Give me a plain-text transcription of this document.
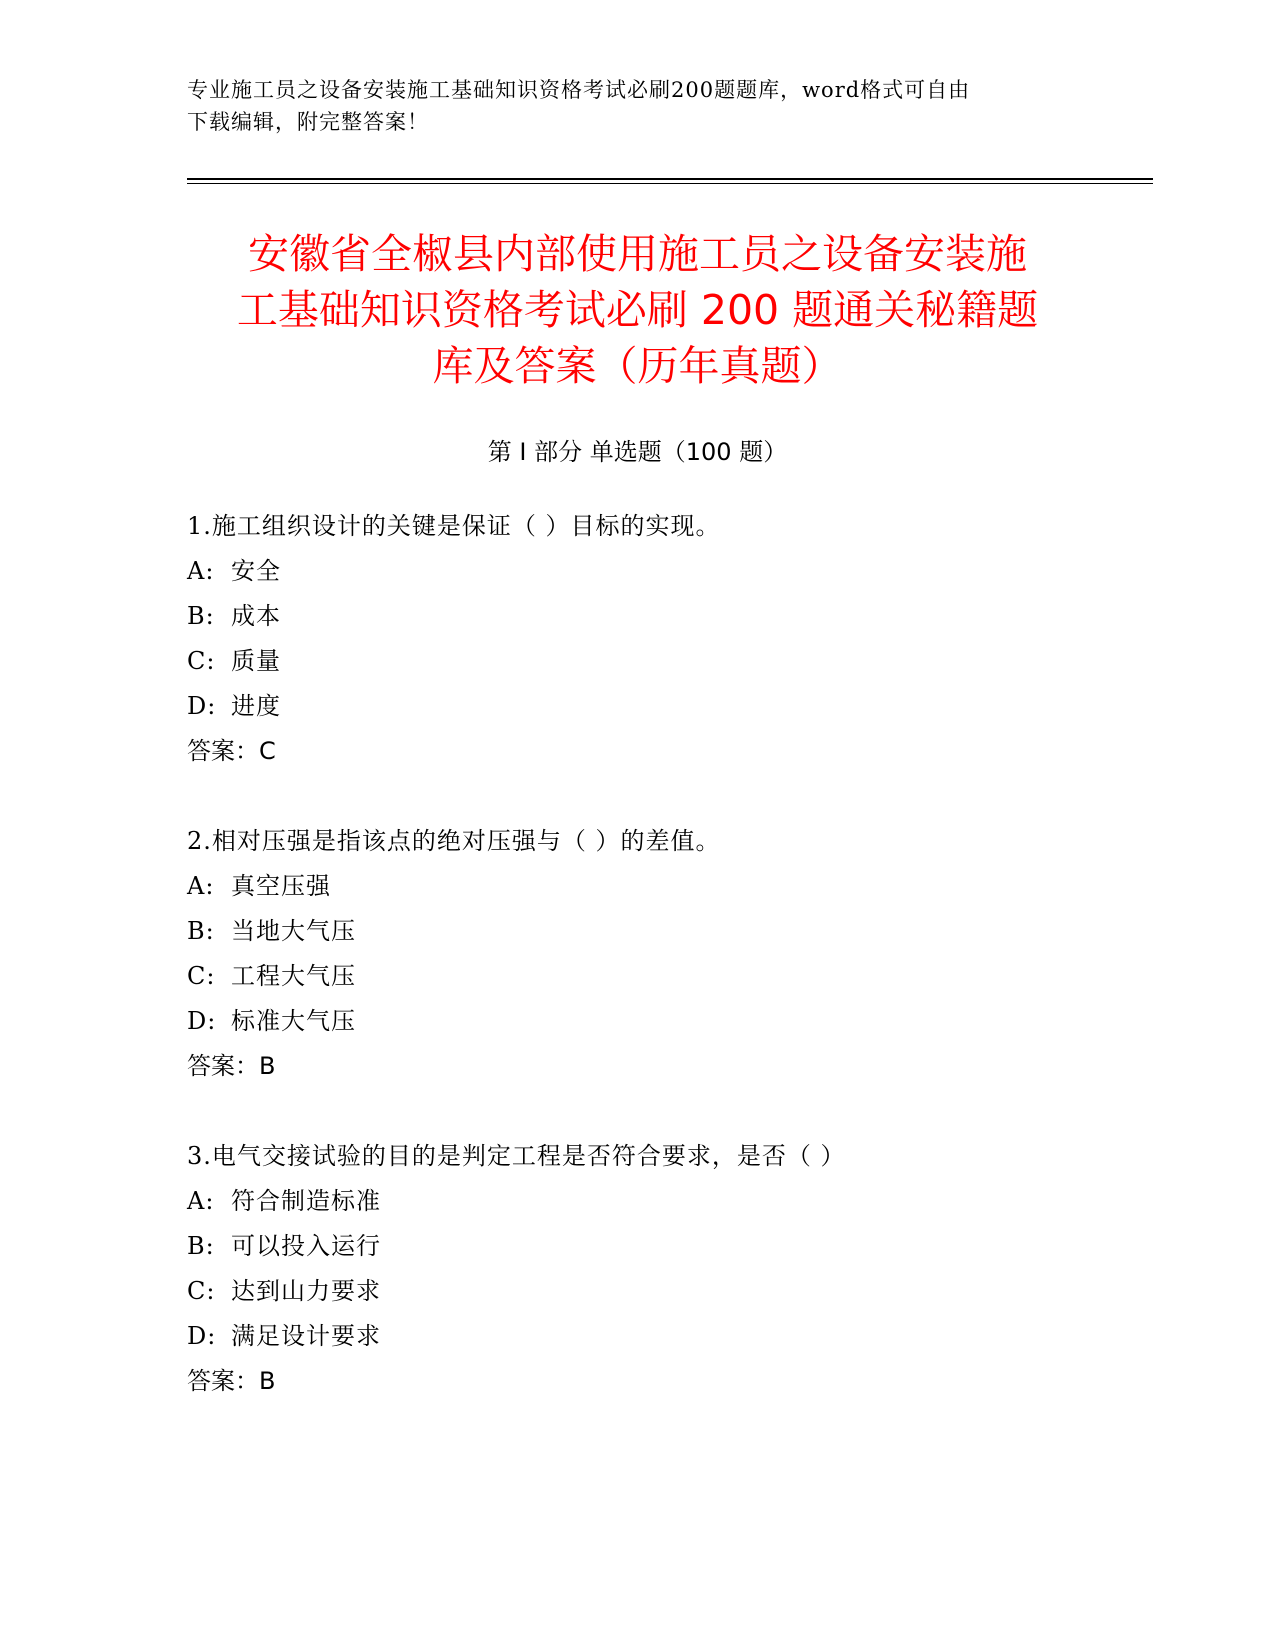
专业施工员之设备安装施工基础知识资格考试必刷200题题库，word格式可自由
下载编辑，附完整答案！
安徽省全椒县内部使用施工员之设备安装施
工基础知识资格考试必刷 200 题通关秘籍题
库及答案（历年真题）
第 I 部分 单选题（100 题）
1.施工组织设计的关键是保证（ ）目标的实现。
A: 安全
B: 成本
C: 质量
D: 进度
答案：C
2.相对压强是指该点的绝对压强与（ ）的差值。
A: 真空压强
B: 当地大气压
C: 工程大气压
D: 标准大气压
答案：B
3.电气交接试验的目的是判定工程是否符合要求，是否（ ）
A: 符合制造标准
B: 可以投入运行
C: 达到山力要求
D: 满足设计要求
答案：B
